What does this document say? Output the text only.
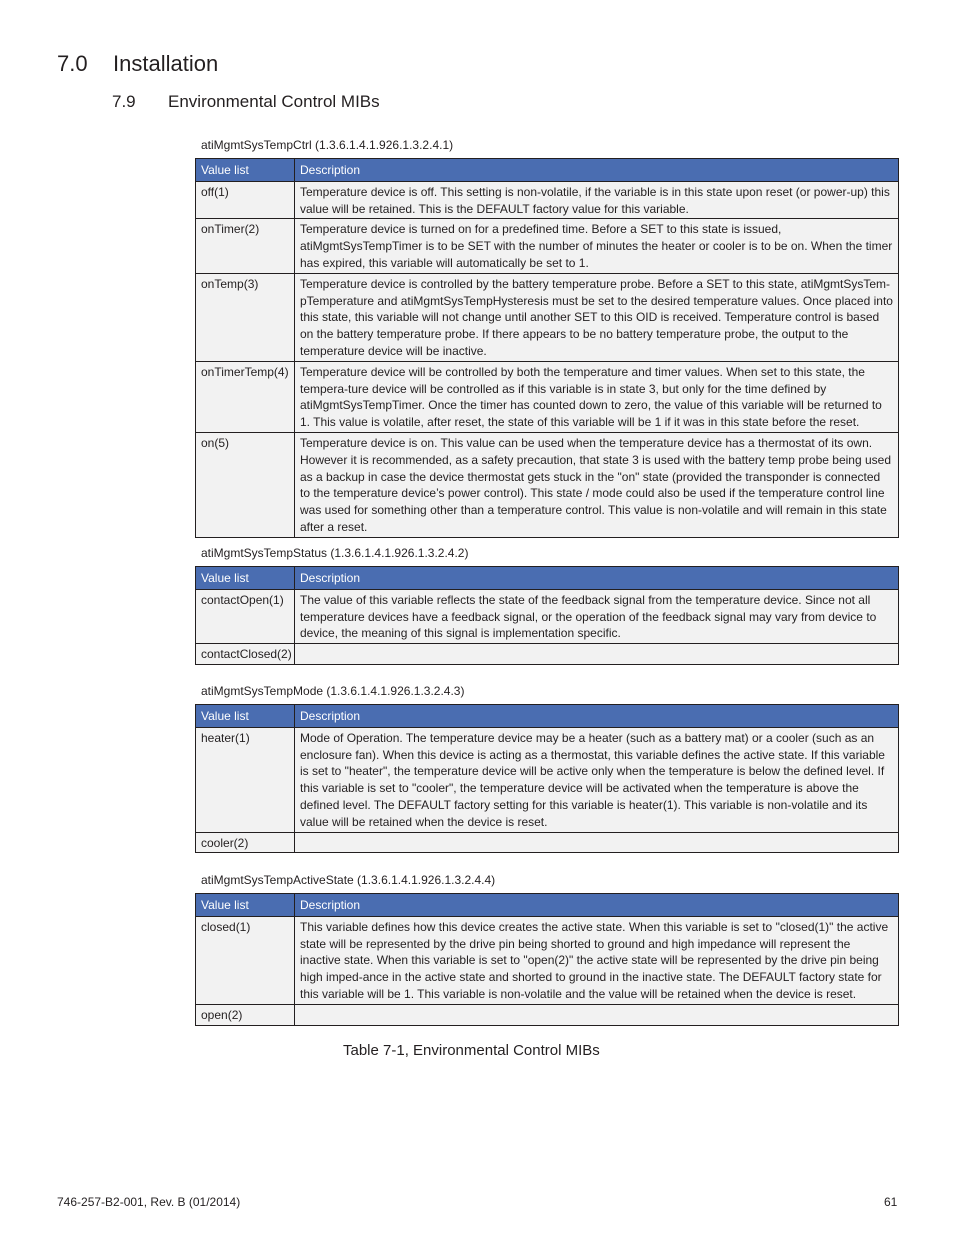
7.0 Installation
7.9 Environmental Control MIBs
atiMgmtSysTempCtrl (1.3.6.1.4.1.926.1.3.2.4.1)
Value list	Description
off(1)	Temperature device is off. This setting is non-volatile, if the variable is in this state upon reset (or power-up) this value will be retained. This is the DEFAULT factory value for this variable.
onTimer(2)	Temperature device is turned on for a predefined time. Before a SET to this state is issued, atiMgmtSysTempTimer is to be SET with the number of minutes the heater or cooler is to be on. When the timer has expired, this variable will automatically be set to 1.
onTemp(3)	Temperature device is controlled by the battery temperature probe. Before a SET to this state, atiMgmtSysTem-pTemperature and atiMgmtSysTempHysteresis must be set to the desired temperature values. Once placed into this state, this variable will not change until another SET to this OID is received. Temperature control is based on the battery temperature probe. If there appears to be no battery temperature probe, the output to the temperature device will be inactive.
onTimerTemp(4)	Temperature device will be controlled by both the temperature and timer values. When set to this state, the tempera-ture device will be controlled as if this variable is in state 3, but only for the time defined by atiMgmtSysTempTimer. Once the timer has counted down to zero, the value of this variable will be returned to 1. This value is volatile, after reset, the state of this variable will be 1 if it was in this state before the reset.
on(5)	Temperature device is on. This value can be used when the temperature device has a thermostat of its own. However it is recommended, as a safety precaution, that state 3 is used with the battery temp probe being used as a backup in case the device thermostat gets stuck in the "on" state (provided the transponder is connected to the temperature device’s power control). This state / mode could also be used if the temperature control line was used for something other than a temperature control. This value is non-volatile and will remain in this state after a reset.
atiMgmtSysTempStatus (1.3.6.1.4.1.926.1.3.2.4.2)
Value list	Description
contactOpen(1)	The value of this variable reflects the state of the feedback signal from the temperature device. Since not all temperature devices have a feedback signal, or the operation of the feedback signal may vary from device to device, the meaning of this signal is implementation specific.
contactClosed(2)	
atiMgmtSysTempMode (1.3.6.1.4.1.926.1.3.2.4.3)
Value list	Description
heater(1)	Mode of Operation. The temperature device may be a heater (such as a battery mat) or a cooler (such as an enclosure fan). When this device is acting as a thermostat, this variable defines the active state. If this variable is set to "heater", the temperature device will be active only when the temperature is below the defined level. If this variable is set to "cooler", the temperature device will be activated when the temperature is above the defined level. The DEFAULT factory setting for this variable is heater(1). This variable is non-volatile and its value will be retained when the device is reset.
cooler(2)	
atiMgmtSysTempActiveState (1.3.6.1.4.1.926.1.3.2.4.4)
Value list	Description
closed(1)	This variable defines how this device creates the active state. When this variable is set to "closed(1)" the active state will be represented by the drive pin being shorted to ground and high impedance will represent the inactive state. When this variable is set to "open(2)" the active state will be represented by the drive pin being high imped-ance in the active state and shorted to ground in the inactive state. The DEFAULT factory state for this variable will be 1. This variable is non-volatile and the value will be retained when the device is reset.
open(2)	
Table 7-1, Environmental Control MIBs
746-257-B2-001, Rev. B (01/2014)	61
